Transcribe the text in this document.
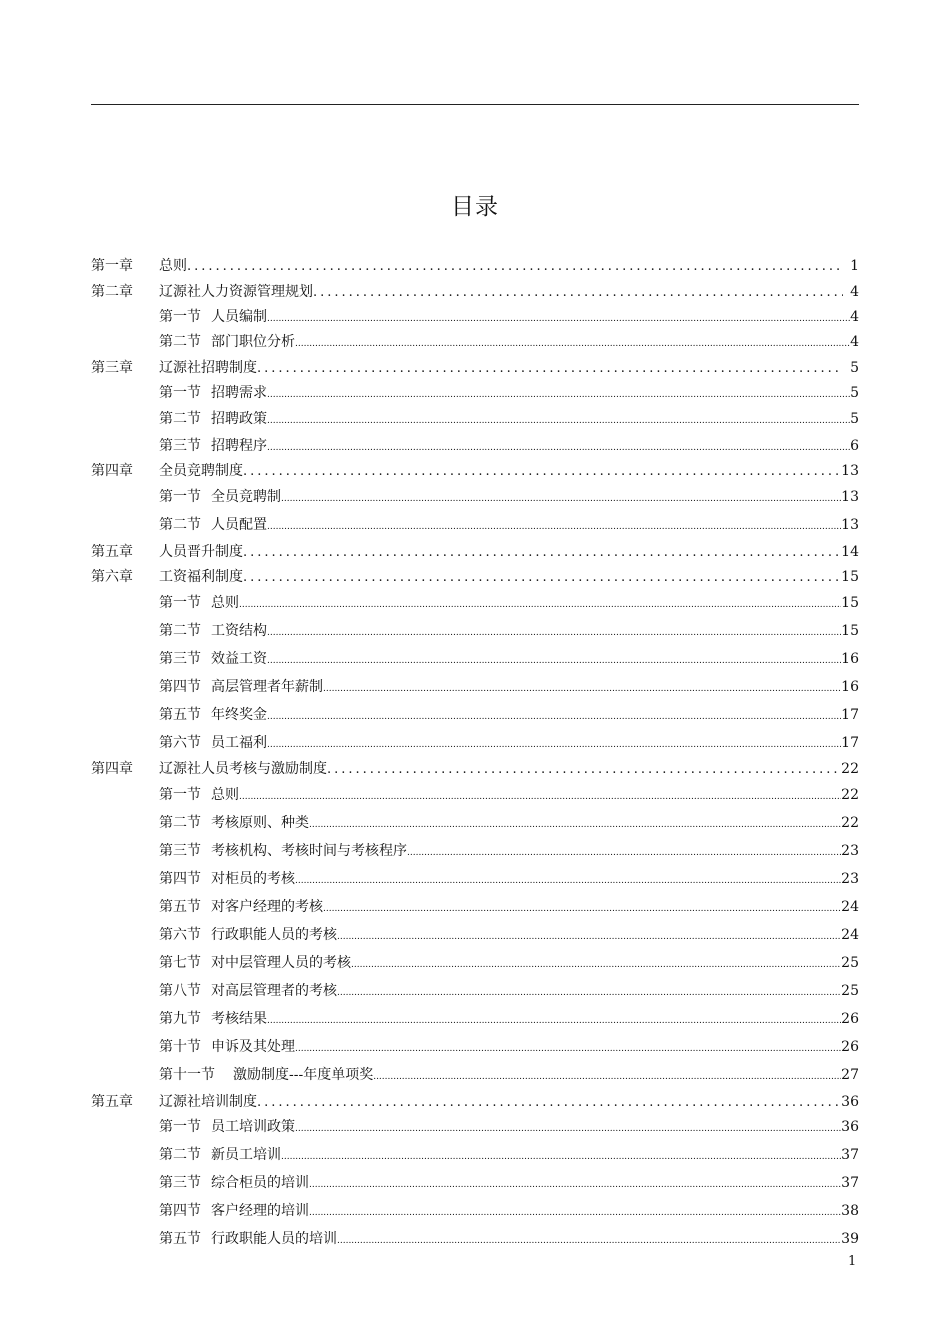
目录
第一章	总则 .....	1
第二章	辽源社人力资源管理规划 .....	4
第一节 人员编制 .....	4
第二节 部门职位分析 .....	4
第三章	辽源社招聘制度 .....	5
第一节 招聘需求 .....	5
第二节 招聘政策 .....	5
第三节 招聘程序 .....	6
第四章	全员竞聘制度 .....	13
第一节 全员竞聘制 .....	13
第二节 人员配置 .....	13
第五章	人员晋升制度 .....	14
第六章	工资福利制度 .....	15
第一节 总则 .....	15
第二节 工资结构 .....	15
第三节 效益工资 .....	16
第四节 高层管理者年薪制 .....	16
第五节 年终奖金 .....	17
第六节 员工福利 .....	17
第四章	辽源社人员考核与激励制度 .....	22
第一节 总则 .....	22
第二节 考核原则、种类 .....	22
第三节 考核机构、考核时间与考核程序 .....	23
第四节 对柜员的考核 .....	23
第五节 对客户经理的考核 .....	24
第六节 行政职能人员的考核 .....	24
第七节 对中层管理人员的考核 .....	25
第八节 对高层管理者的考核 .....	25
第九节 考核结果 .....	26
第十节 申诉及其处理 .....	26
第十一节 激励制度---年度单项奖 .....	27
第五章	辽源社培训制度 .....	36
第一节 员工培训政策 .....	36
第二节 新员工培训 .....	37
第三节 综合柜员的培训 .....	37
第四节 客户经理的培训 .....	38
第五节 行政职能人员的培训 .....	39
1
